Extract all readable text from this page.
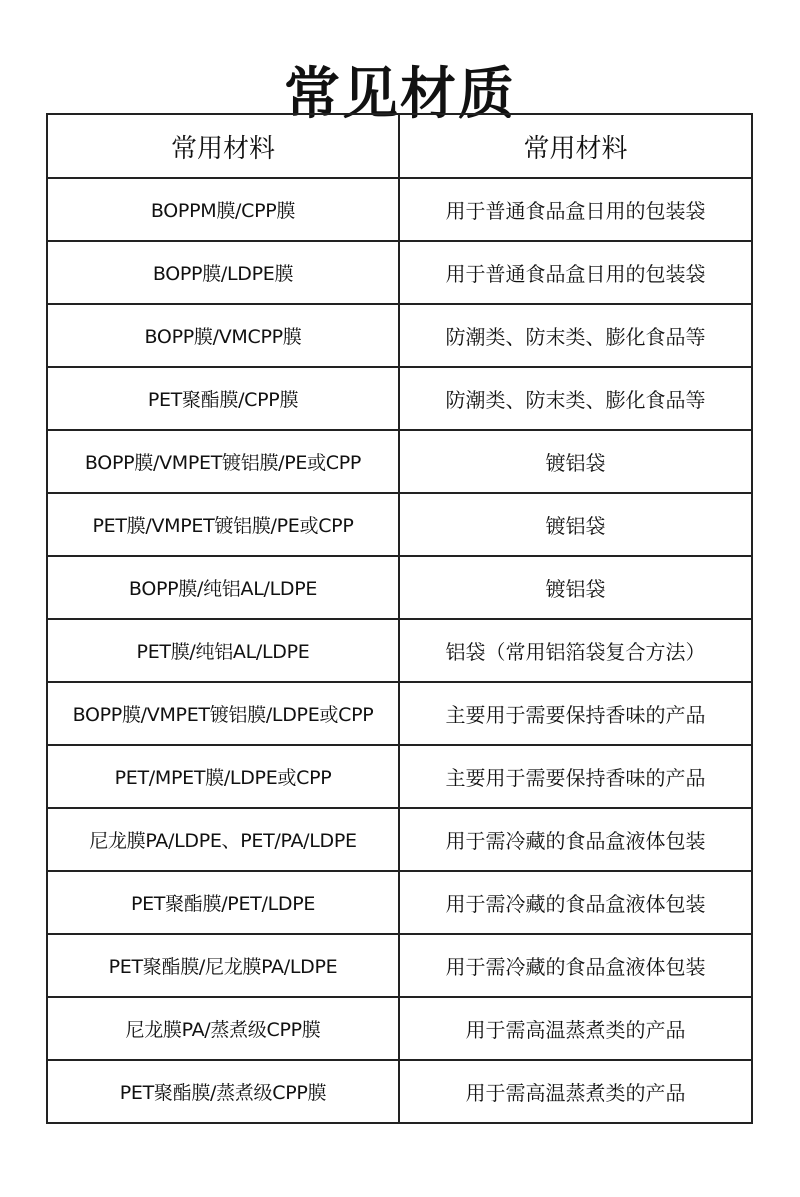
常见材质
常用材料	常用材料
BOPPM膜/CPP膜	用于普通食品盒日用的包装袋
BOPP膜/LDPE膜	用于普通食品盒日用的包装袋
BOPP膜/VMCPP膜	防潮类、防末类、膨化食品等
PET聚酯膜/CPP膜	防潮类、防末类、膨化食品等
BOPP膜/VMPET镀铝膜/PE或CPP	镀铝袋
PET膜/VMPET镀铝膜/PE或CPP	镀铝袋
BOPP膜/纯铝AL/LDPE	镀铝袋
PET膜/纯铝AL/LDPE	铝袋（常用铝箔袋复合方法）
BOPP膜/VMPET镀铝膜/LDPE或CPP	主要用于需要保持香味的产品
PET/MPET膜/LDPE或CPP	主要用于需要保持香味的产品
尼龙膜PA/LDPE、PET/PA/LDPE	用于需冷藏的食品盒液体包装
PET聚酯膜/PET/LDPE	用于需冷藏的食品盒液体包装
PET聚酯膜/尼龙膜PA/LDPE	用于需冷藏的食品盒液体包装
尼龙膜PA/蒸煮级CPP膜	用于需高温蒸煮类的产品
PET聚酯膜/蒸煮级CPP膜	用于需高温蒸煮类的产品
